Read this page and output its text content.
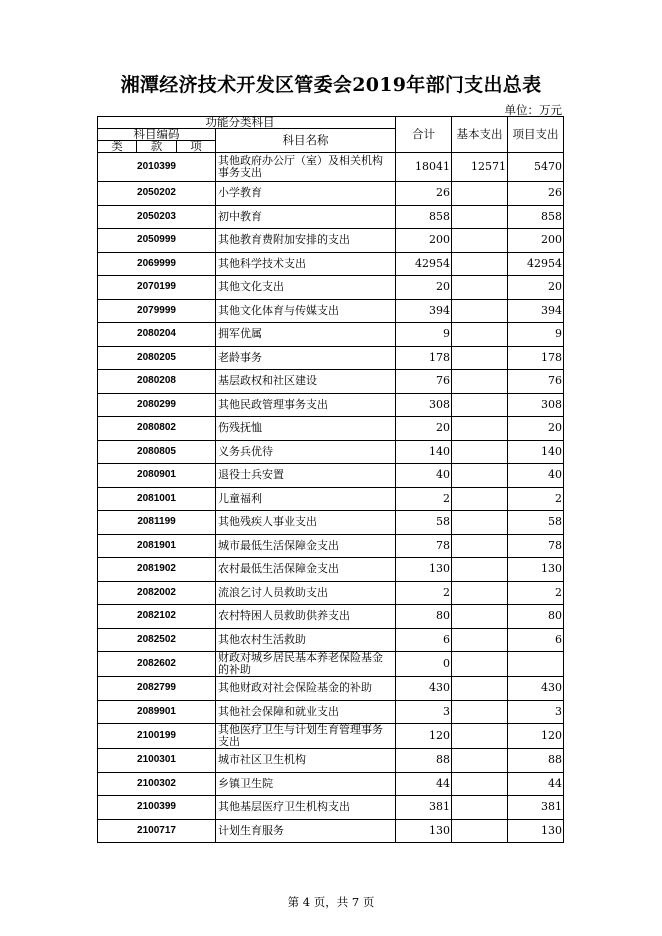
湘潭经济技术开发区管委会2019年部门支出总表
单位：万元
			功能分类科目	合计	基本支出	项目支出
科目编码			科目名称			
类	款	项				
2010399			其他政府办公厅（室）及相关机构事务支出	18041	12571	5470
2050202			小学教育	26		26
2050203			初中教育	858		858
2050999			其他教育费附加安排的支出	200		200
2069999			其他科学技术支出	42954		42954
2070199			其他文化支出	20		20
2079999			其他文化体育与传媒支出	394		394
2080204			拥军优属	9		9
2080205			老龄事务	178		178
2080208			基层政权和社区建设	76		76
2080299			其他民政管理事务支出	308		308
2080802			伤残抚恤	20		20
2080805			义务兵优待	140		140
2080901			退役士兵安置	40		40
2081001			儿童福利	2		2
2081199			其他残疾人事业支出	58		58
2081901			城市最低生活保障金支出	78		78
2081902			农村最低生活保障金支出	130		130
2082002			流浪乞讨人员救助支出	2		2
2082102			农村特困人员救助供养支出	80		80
2082502			其他农村生活救助	6		6
2082602			财政对城乡居民基本养老保险基金的补助	0		
2082799			其他财政对社会保险基金的补助	430		430
2089901			其他社会保障和就业支出	3		3
2100199			其他医疗卫生与计划生育管理事务支出	120		120
2100301			城市社区卫生机构	88		88
2100302			乡镇卫生院	44		44
2100399			其他基层医疗卫生机构支出	381		381
2100717			计划生育服务	130		130
第 4 页，共 7 页
